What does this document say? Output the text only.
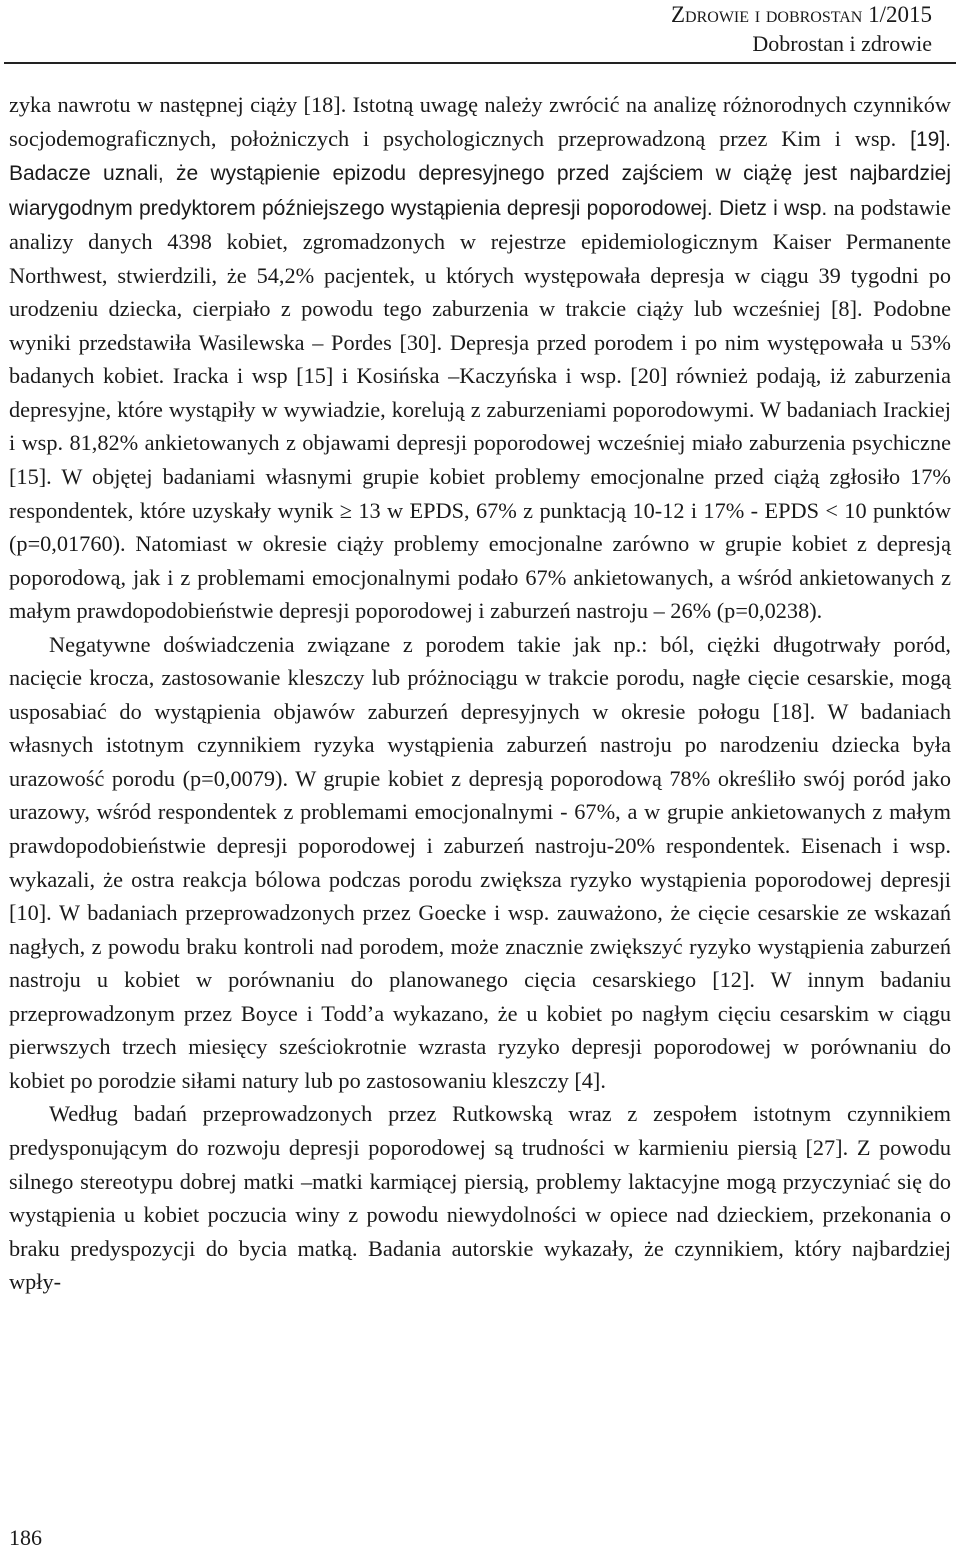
Zdrowie i dobrostan 1/2015
Dobrostan i zdrowie

zyka nawrotu w następnej ciąży [18]. Istotną uwagę należy zwrócić na analizę różnorodnych czynników socjodemograficznych, położniczych i psychologicznych przeprowadzoną przez Kim i wsp. [19]. Badacze uznali, że wystąpienie epizodu depresyjnego przed zajściem w ciążę jest najbardziej wiarygodnym predyktorem późniejszego wystąpienia depresji poporodowej. Dietz i wsp. na podstawie analizy danych 4398 kobiet, zgromadzonych w rejestrze epidemiologicznym Kaiser Permanente Northwest, stwierdzili, że 54,2% pacjentek, u których występowała depresja w ciągu 39 tygodni po urodzeniu dziecka, cierpiało z powodu tego zaburzenia w trakcie ciąży lub wcześniej [8]. Podobne wyniki przedstawiła Wasilewska – Pordes [30]. Depresja przed porodem i po nim występowała u 53% badanych kobiet. Iracka i wsp [15] i Kosińska –Kaczyńska i wsp. [20] również podają, iż zaburzenia depresyjne, które wystąpiły w wywiadzie, korelują z zaburzeniami poporodowymi. W badaniach Irackiej i wsp. 81,82% ankietowanych z objawami depresji poporodowej wcześniej miało zaburzenia psychiczne [15]. W objętej badaniami własnymi grupie kobiet problemy emocjonalne przed ciążą zgłosiło 17% respondentek, które uzyskały wynik ≥ 13 w EPDS, 67% z punktacją 10-12 i 17% - EPDS < 10 punktów (p=0,01760). Natomiast w okresie ciąży problemy emocjonalne zarówno w grupie kobiet z depresją poporodową, jak i z problemami emocjonalnymi podało 67% ankietowanych, a wśród ankietowanych z małym prawdopodobieństwie depresji poporodowej i zaburzeń nastroju – 26% (p=0,0238).

Negatywne doświadczenia związane z porodem takie jak np.: ból, ciężki długotrwały poród, nacięcie krocza, zastosowanie kleszczy lub próżnociągu w trakcie porodu, nagłe cięcie cesarskie, mogą usposabiać do wystąpienia objawów zaburzeń depresyjnych w okresie połogu [18]. W badaniach własnych istotnym czynnikiem ryzyka wystąpienia zaburzeń nastroju po narodzeniu dziecka była urazowość porodu (p=0,0079). W grupie kobiet z depresją poporodową 78% określiło swój poród jako urazowy, wśród respondentek z problemami emocjonalnymi - 67%, a w grupie ankietowanych z małym prawdopodobieństwie depresji poporodowej i zaburzeń nastroju-20% respondentek. Eisenach i wsp. wykazali, że ostra reakcja bólowa podczas porodu zwiększa ryzyko wystąpienia poporodowej depresji [10]. W badaniach przeprowadzonych przez Goecke i wsp. zauważono, że cięcie cesarskie ze wskazań nagłych, z powodu braku kontroli nad porodem, może znacznie zwiększyć ryzyko wystąpienia zaburzeń nastroju u kobiet w porównaniu do planowanego cięcia cesarskiego [12]. W innym badaniu przeprowadzonym przez Boyce i Todd’a wykazano, że u kobiet po nagłym cięciu cesarskim w ciągu pierwszych trzech miesięcy sześciokrotnie wzrasta ryzyko depresji poporodowej w porównaniu do kobiet po porodzie siłami natury lub po zastosowaniu kleszczy [4].

Według badań przeprowadzonych przez Rutkowską wraz z zespołem istotnym czynnikiem predysponującym do rozwoju depresji poporodowej są trudności w karmieniu piersią [27]. Z powodu silnego stereotypu dobrej matki –matki karmiącej piersią, problemy laktacyjne mogą przyczyniać się do wystąpienia u kobiet poczucia winy z powodu niewydolności w opiece nad dzieckiem, przekonania o braku predyspozycji do bycia matką. Badania autorskie wykazały, że czynnikiem, który najbardziej wpły-

186
